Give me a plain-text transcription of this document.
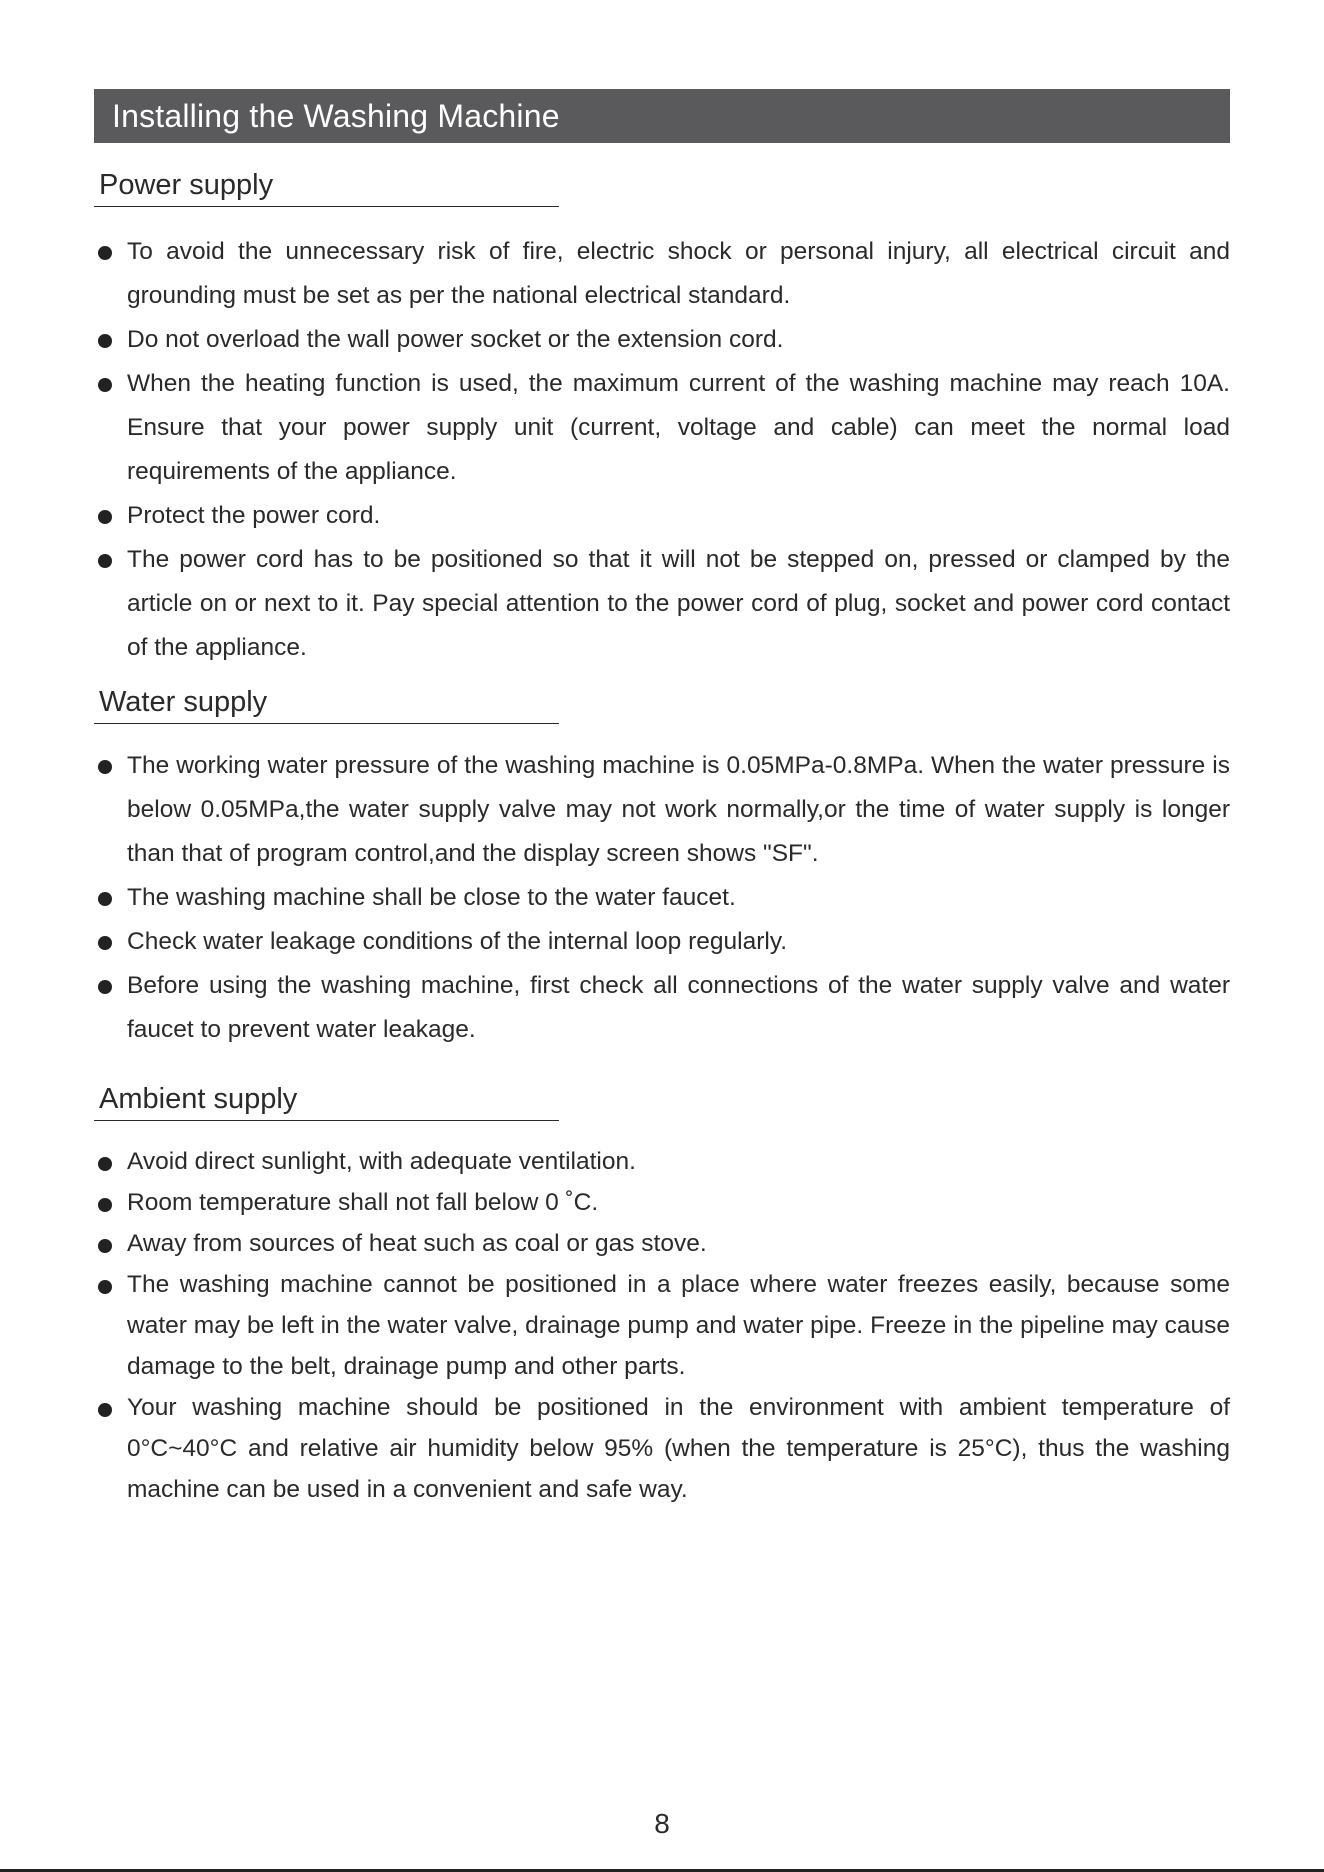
Installing the Washing Machine
Power supply
To avoid the unnecessary risk of fire, electric shock or personal injury, all electrical circuit and grounding must be set as per the national electrical standard.
Do not overload the wall power socket or the extension cord.
When the heating function is used, the maximum current of the washing machine may reach 10A. Ensure that your power supply unit (current, voltage and cable) can meet the normal load requirements of the appliance.
Protect the power cord.
The power cord has to be positioned so that it will not be stepped on, pressed or clamped by the article on or next to it. Pay special attention to the power cord of plug, socket and power cord contact of the appliance.
Water supply
The working water pressure of the washing machine is 0.05MPa-0.8MPa. When the water pressure is below 0.05MPa,the water supply valve may not work normally,or the time of water supply is longer than that of program control,and the display screen shows "SF".
The washing machine shall be close to the water faucet.
Check water leakage conditions of the internal loop regularly.
Before using the washing machine, first check all connections of the water supply valve and water faucet to prevent water leakage.
Ambient supply
Avoid direct sunlight, with adequate ventilation.
Room temperature shall not fall below 0 ˚C.
Away from sources of heat such as coal or gas stove.
The washing machine cannot be positioned in a place where water freezes easily, because some water may be left in the water valve, drainage pump and water pipe. Freeze in the pipeline may cause damage to the belt, drainage pump and other parts.
Your washing machine should be positioned in the environment with ambient temperature of 0°C~40°C and relative air humidity below 95% (when the temperature is 25°C), thus the washing machine can be used in a convenient and safe way.
8
